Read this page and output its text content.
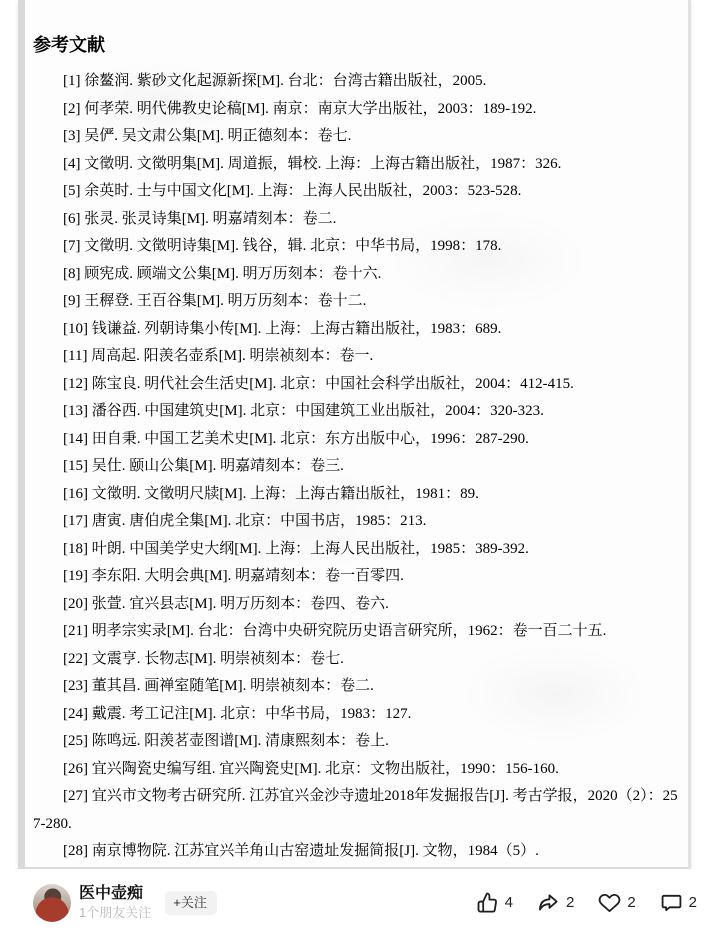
参考文献

[1] 徐鳌润. 紫砂文化起源新探[M]. 台北：台湾古籍出版社，2005.

[2] 何孝荣. 明代佛教史论稿[M]. 南京：南京大学出版社，2003：189-192.

[3] 吴俨. 吴文肃公集[M]. 明正德刻本：卷七.

[4] 文徵明. 文徵明集[M]. 周道振，辑校. 上海：上海古籍出版社，1987：326.

[5] 余英时. 士与中国文化[M]. 上海：上海人民出版社，2003：523-528.

[6] 张灵. 张灵诗集[M]. 明嘉靖刻本：卷二.

[7] 文徵明. 文徵明诗集[M]. 钱谷，辑. 北京：中华书局，1998：178.

[8] 顾宪成. 顾端文公集[M]. 明万历刻本：卷十六.

[9] 王稺登. 王百谷集[M]. 明万历刻本：卷十二.

[10] 钱谦益. 列朝诗集小传[M]. 上海：上海古籍出版社，1983：689.

[11] 周高起. 阳羡名壶系[M]. 明崇祯刻本：卷一.

[12] 陈宝良. 明代社会生活史[M]. 北京：中国社会科学出版社，2004：412-415.

[13] 潘谷西. 中国建筑史[M]. 北京：中国建筑工业出版社，2004：320-323.

[14] 田自秉. 中国工艺美术史[M]. 北京：东方出版中心，1996：287-290.

[15] 吴仕. 颐山公集[M]. 明嘉靖刻本：卷三.

[16] 文徵明. 文徵明尺牍[M]. 上海：上海古籍出版社，1981：89.

[17] 唐寅. 唐伯虎全集[M]. 北京：中国书店，1985：213.

[18] 叶朗. 中国美学史大纲[M]. 上海：上海人民出版社，1985：389-392.

[19] 李东阳. 大明会典[M]. 明嘉靖刻本：卷一百零四.

[20] 张萱. 宜兴县志[M]. 明万历刻本：卷四、卷六.

[21] 明孝宗实录[M]. 台北：台湾中央研究院历史语言研究所，1962：卷一百二十五.

[22] 文震亨. 长物志[M]. 明崇祯刻本：卷七.

[23] 董其昌. 画禅室随笔[M]. 明崇祯刻本：卷二.

[24] 戴震. 考工记注[M]. 北京：中华书局，1983：127.

[25] 陈鸣远. 阳羡茗壶图谱[M]. 清康熙刻本：卷上.

[26] 宜兴陶瓷史编写组. 宜兴陶瓷史[M]. 北京：文物出版社，1990：156-160.

[27] 宜兴市文物考古研究所. 江苏宜兴金沙寺遗址2018年发掘报告[J]. 考古学报，2020（2）：257-280.

[28] 南京博物院. 江苏宜兴羊角山古窑遗址发掘简报[J]. 文物，1984（5）.

医中壶痴
1个朋友关注
+关注	4	2	2	2
